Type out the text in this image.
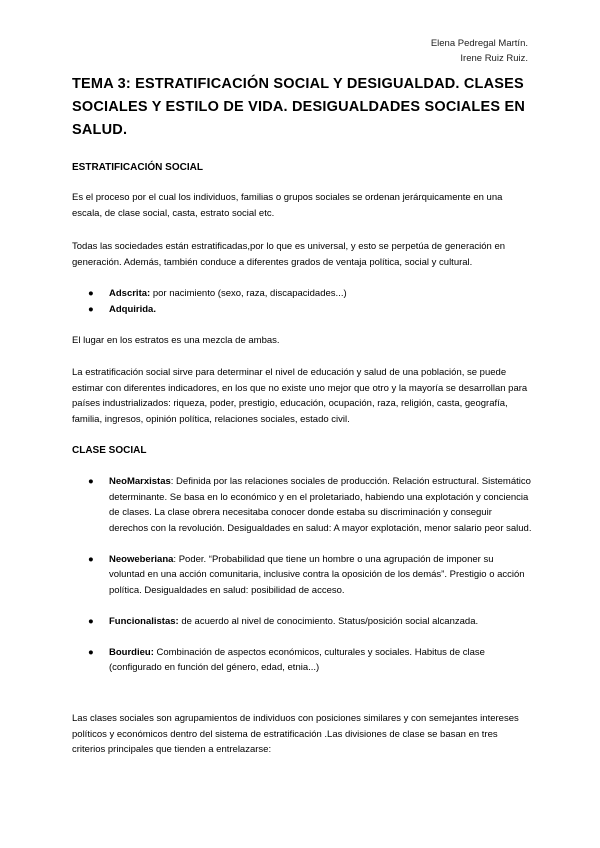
Elena Pedregal Martín.
Irene Ruiz Ruiz.
TEMA 3: ESTRATIFICACIÓN SOCIAL Y DESIGUALDAD. CLASES SOCIALES Y ESTILO DE VIDA. DESIGUALDADES SOCIALES EN SALUD.

ESTRATIFICACIÓN SOCIAL

Es el proceso por el cual los individuos, familias o grupos sociales se ordenan jerárquicamente en una escala, de clase social, casta, estrato social etc.

Todas las sociedades están estratificadas,por lo que es universal, y esto se perpetúa de generación en generación. Además, también conduce a diferentes grados de ventaja política, social y cultural.

● Adscrita: por nacimiento (sexo, raza, discapacidades...)
● Adquirida.

El lugar en los estratos es una mezcla de ambas.

La estratificación social sirve para determinar el nivel de educación y salud de una población, se puede estimar con diferentes indicadores, en los que no existe uno mejor que otro y la mayoría se desarrollan para países industrializados: riqueza, poder, prestigio, educación, ocupación, raza, religión, casta, geografía, familia, ingresos, opinión política, relaciones sociales, estado civil.

CLASE SOCIAL

● NeoMarxistas: Definida por las relaciones sociales de producción. Relación estructural. Sistemático determinante. Se basa en lo económico y en el proletariado, habiendo una explotación y conciencia de clases. La clase obrera necesitaba conocer donde estaba su discriminación y conseguir derechos con la revolución. Desigualdades en salud: A mayor explotación, menor salario peor salud.
● Neoweberiana: Poder. “Probabilidad que tiene un hombre o una agrupación de imponer su voluntad en una acción comunitaria, inclusive contra la oposición de los demás”. Prestigio o acción política. Desigualdades en salud: posibilidad de acceso.
● Funcionalistas: de acuerdo al nivel de conocimiento. Status/posición social alcanzada.
● Bourdieu: Combinación de aspectos económicos, culturales y sociales. Habitus de clase (configurado en función del género, edad, etnia...)

Las clases sociales son agrupamientos de individuos con posiciones similares y con semejantes intereses políticos y económicos dentro del sistema de estratificación .Las divisiones de clase se basan en tres criterios principales que tienden a entrelazarse:
